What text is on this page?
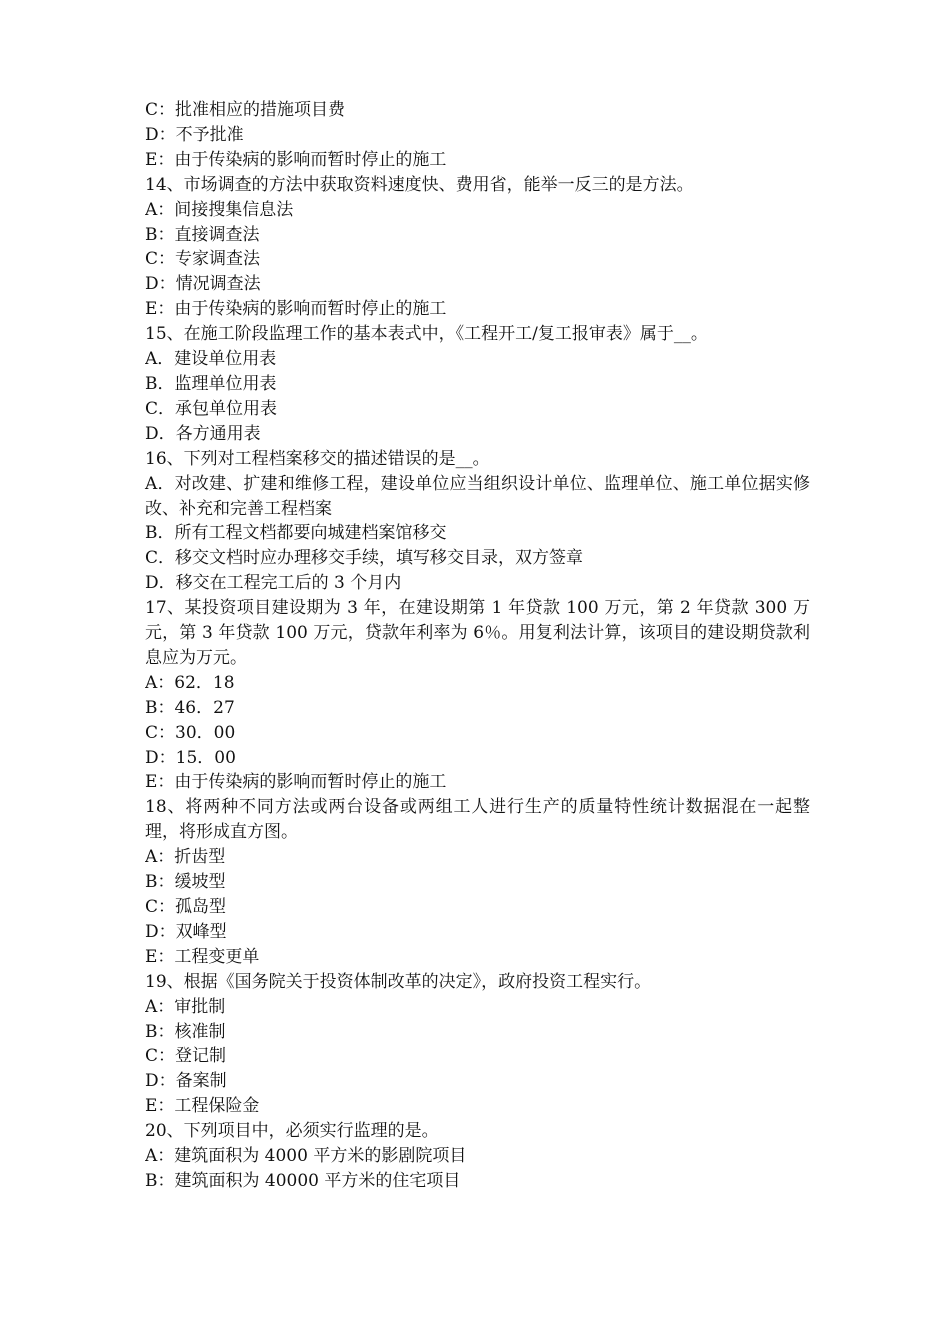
C：批准相应的措施项目费
D：不予批准
E：由于传染病的影响而暂时停止的施工
14、市场调查的方法中获取资料速度快、费用省，能举一反三的是方法。
A：间接搜集信息法
B：直接调查法
C：专家调查法
D：情况调查法
E：由于传染病的影响而暂时停止的施工
15、在施工阶段监理工作的基本表式中，《工程开工/复工报审表》属于__。
A．建设单位用表
B．监理单位用表
C．承包单位用表
D．各方通用表
16、下列对工程档案移交的描述错误的是__。
A．对改建、扩建和维修工程，建设单位应当组织设计单位、监理单位、施工单位据实修改、补充和完善工程档案
B．所有工程文档都要向城建档案馆移交
C．移交文档时应办理移交手续，填写移交目录，双方签章
D．移交在工程完工后的 3 个月内
17、某投资项目建设期为 3 年，在建设期第 1 年贷款 100 万元，第 2 年贷款 300 万元，第 3 年贷款 100 万元，贷款年利率为 6％。用复利法计算，该项目的建设期贷款利息应为万元。
A：62．18
B：46．27
C：30．00
D：15．00
E：由于传染病的影响而暂时停止的施工
18、将两种不同方法或两台设备或两组工人进行生产的质量特性统计数据混在一起整理，将形成直方图。
A：折齿型
B：缓坡型
C：孤岛型
D：双峰型
E：工程变更单
19、根据《国务院关于投资体制改革的决定》，政府投资工程实行。
A：审批制
B：核准制
C：登记制
D：备案制
E：工程保险金
20、下列项目中，必须实行监理的是。
A：建筑面积为 4000 平方米的影剧院项目
B：建筑面积为 40000 平方米的住宅项目
